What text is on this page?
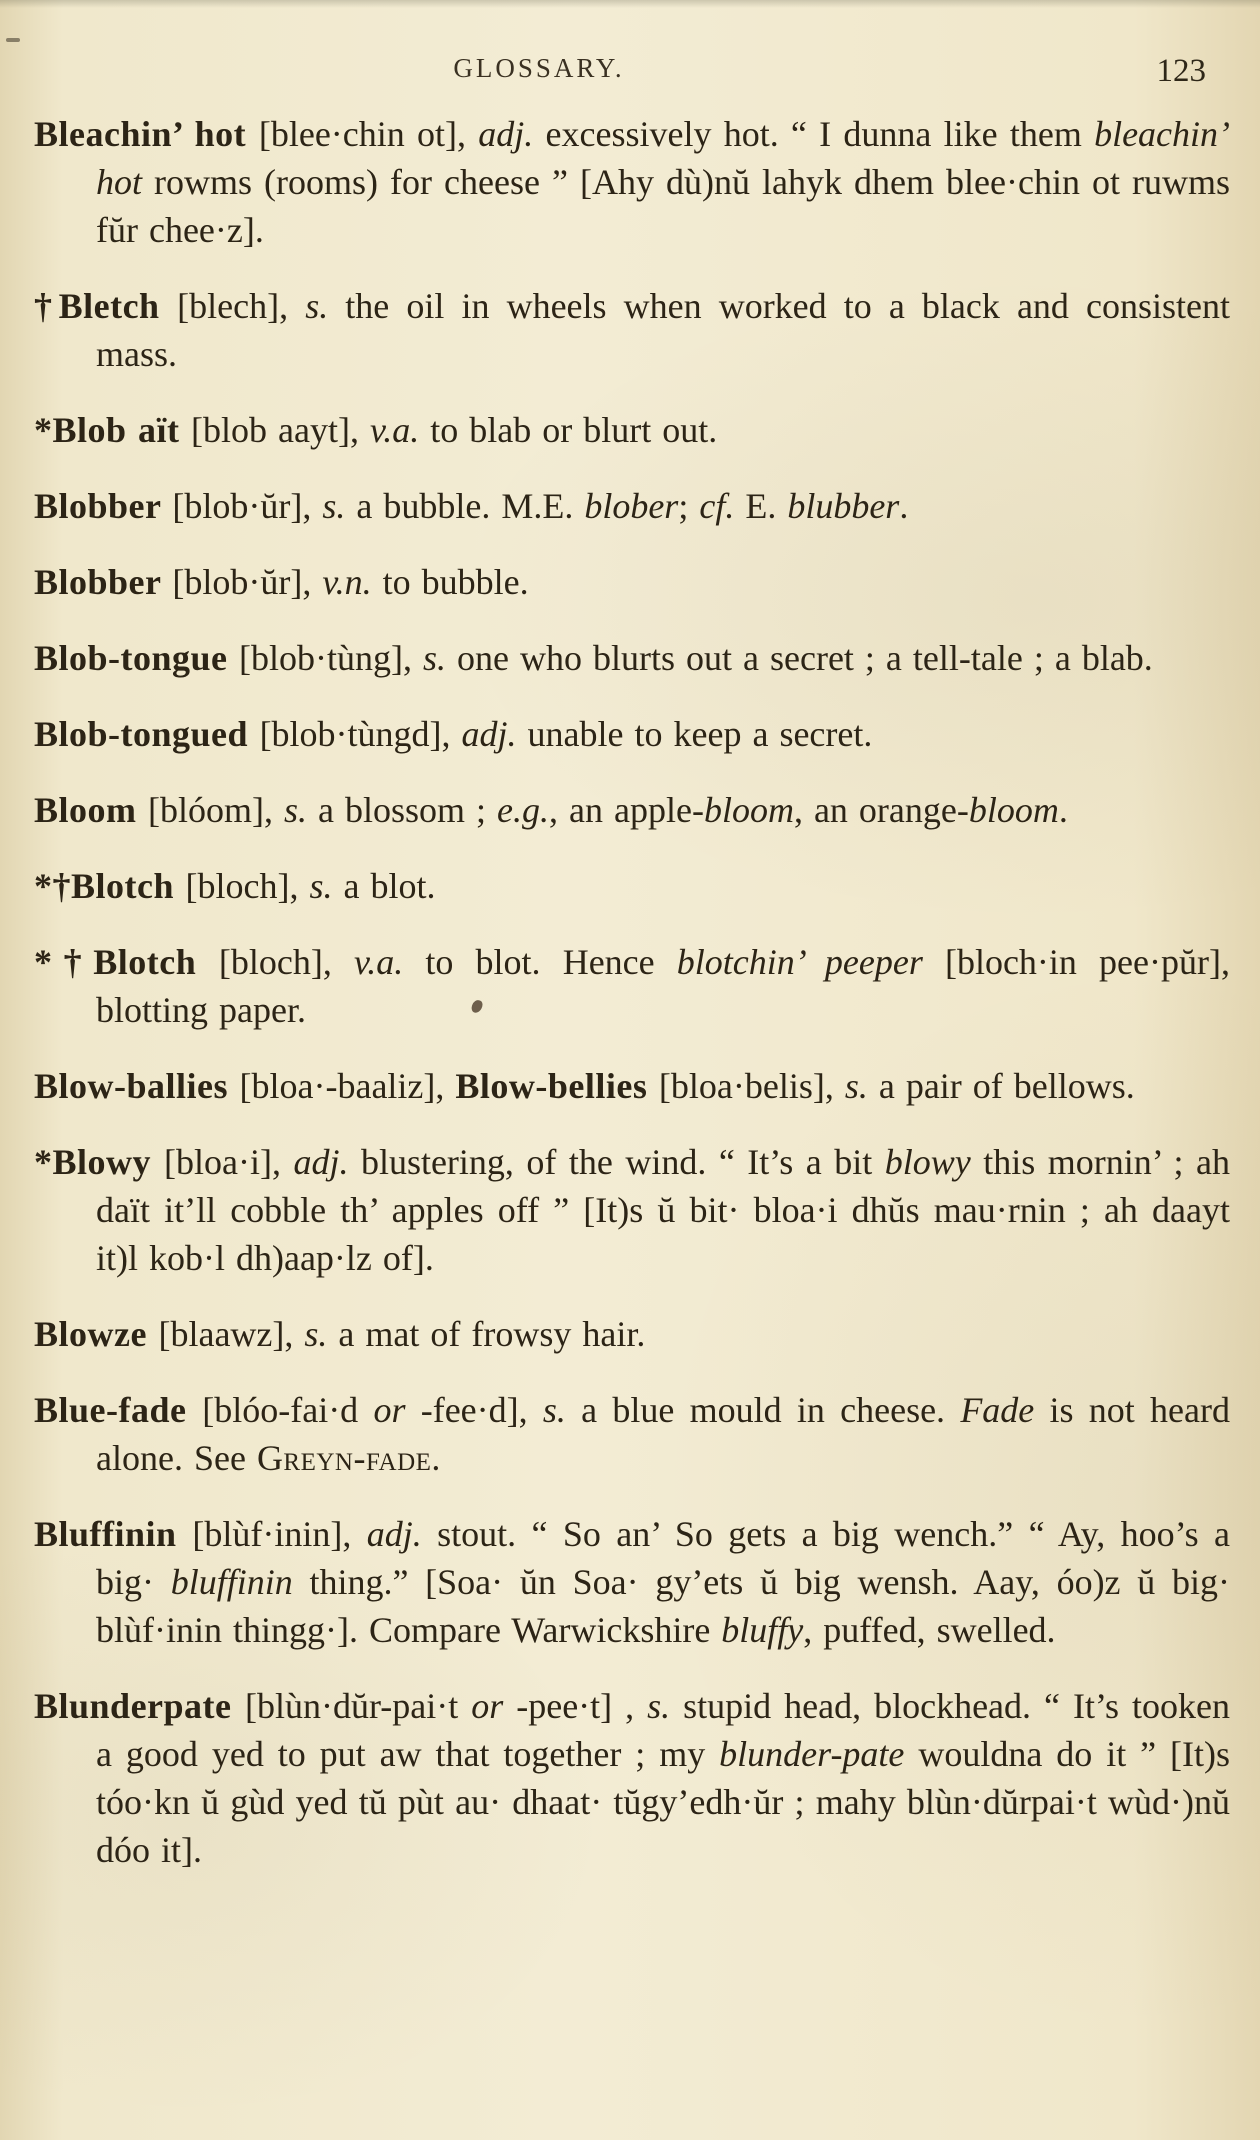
GLOSSARY.	123

Bleachin’ hot [blee·chin ot], adj. excessively hot. “ I dunna like them bleachin’ hot rowms (rooms) for cheese ” [Ahy dù)nŭ lahyk dhem blee·chin ot ruwms fŭr chee·z].

†Bletch [blech], s. the oil in wheels when worked to a black and consistent mass.

*Blob aït [blob aayt], v.a. to blab or blurt out.

Blobber [blob·ŭr], s. a bubble. M.E. blober; cf. E. blubber.

Blobber [blob·ŭr], v.n. to bubble.

Blob-tongue [blob·tùng], s. one who blurts out a secret ; a tell-tale ; a blab.

Blob-tongued [blob·tùngd], adj. unable to keep a secret.

Bloom [blóom], s. a blossom ; e.g., an apple-bloom, an orange-bloom.

*†Blotch [bloch], s. a blot.

*†Blotch [bloch], v.a. to blot. Hence blotchin’ peeper [bloch·in pee·pŭr], blotting paper.

Blow-ballies [bloa·-baaliz], Blow-bellies [bloa·belis], s. a pair of bellows.

*Blowy [bloa·i], adj. blustering, of the wind. “ It’s a bit blowy this mornin’ ; ah daït it’ll cobble th’ apples off ” [It)s ŭ bit· bloa·i dhŭs mau·rnin ; ah daayt it)l kob·l dh)aap·lz of].

Blowze [blaawz], s. a mat of frowsy hair.

Blue-fade [blóo-fai·d or -fee·d], s. a blue mould in cheese. Fade is not heard alone. See Greyn-fade.

Bluffinin [blùf·inin], adj. stout. “ So an’ So gets a big wench.” “ Ay, hoo’s a big· bluffinin thing.” [Soa· ŭn Soa· gy’ets ŭ big wensh. Aay, óo)z ŭ big· blùf·inin thingg·]. Compare Warwickshire bluffy, puffed, swelled.

Blunderpate [blùn·dŭr-pai·t or -pee·t] , s. stupid head, blockhead. “ It’s tooken a good yed to put aw that together ; my blunder-pate wouldna do it ” [It)s tóo·kn ŭ gùd yed tŭ pùt au· dhaat· tŭgy’edh·ŭr ; mahy blùn·dŭrpai·t wùd·)nŭ dóo it].
